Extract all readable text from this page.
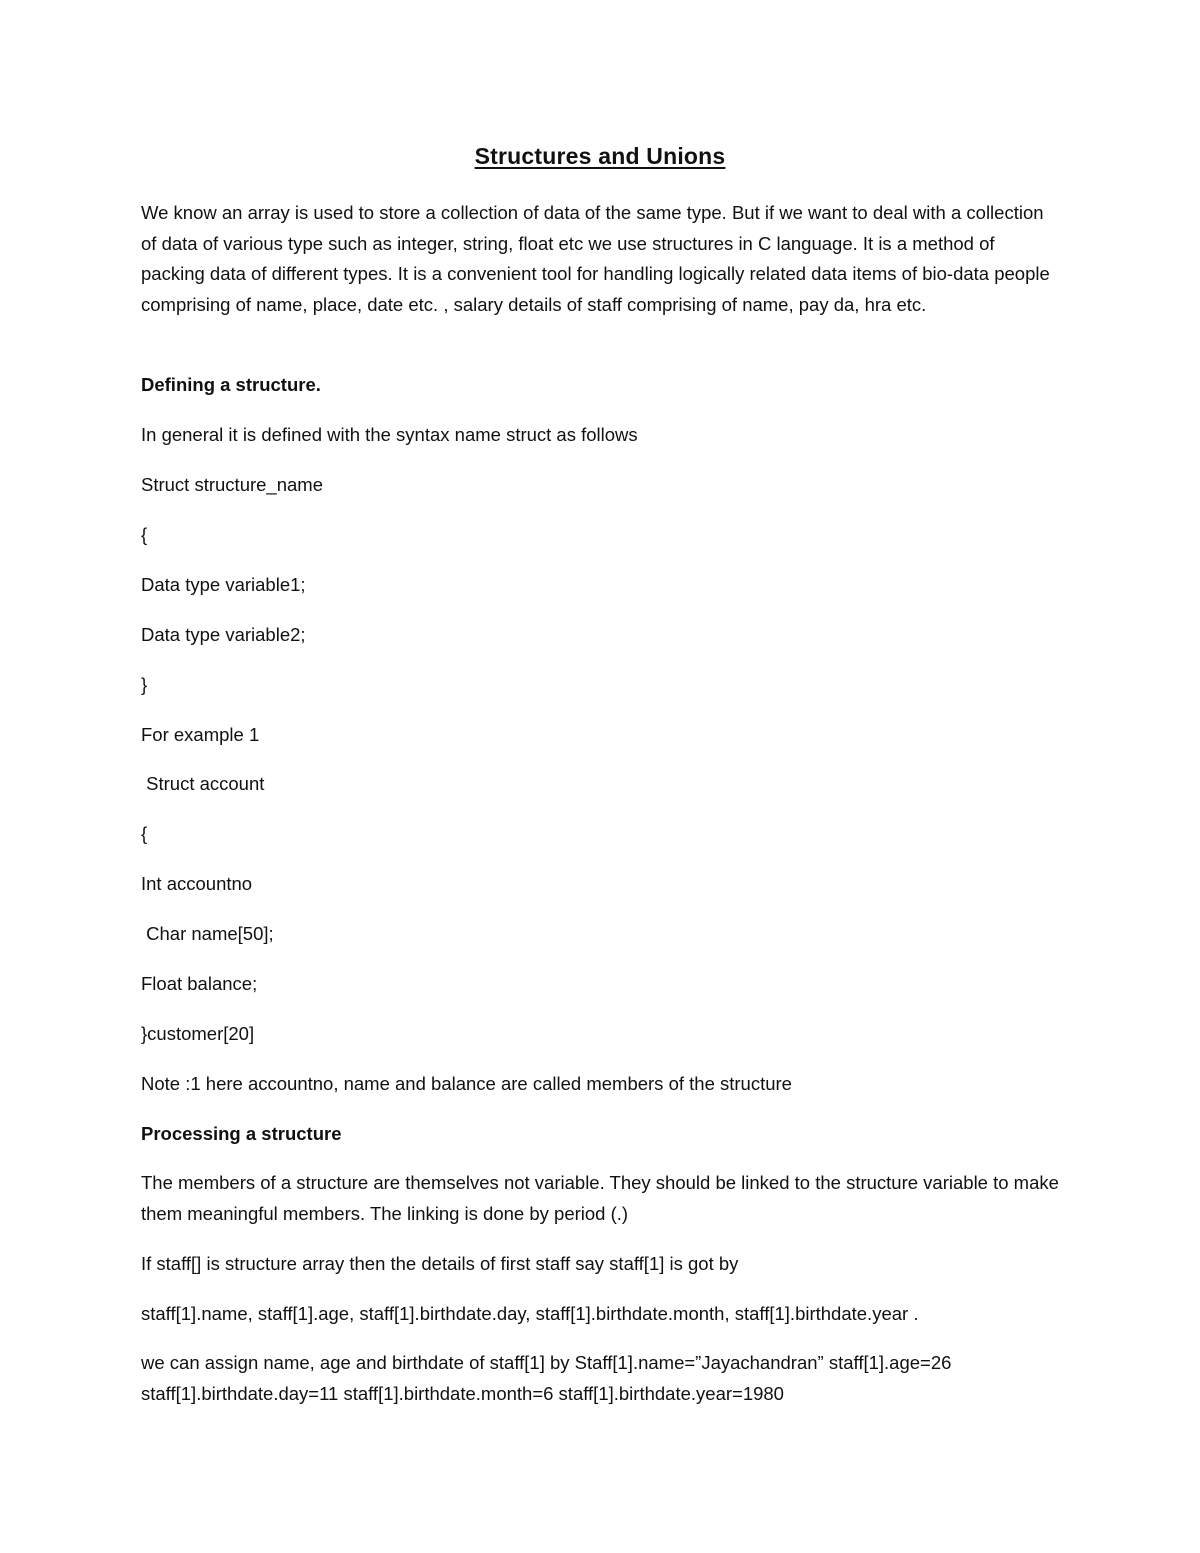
Structures and Unions
We know an array is used to store a collection of data of the same type. But if we want to deal with a collection of data of various type such as integer, string, float etc we use structures in C language. It is a method of packing data of different types. It is a convenient tool for handling logically related data items of bio-data people comprising of name, place, date etc. , salary details of staff comprising of name, pay da, hra etc.
Defining a structure.
In general it is defined with the syntax name struct as follows
Struct structure_name
{
Data type variable1;
Data type variable2;
}
For example 1
Struct account
{
Int accountno
Char name[50];
Float balance;
}customer[20]
Note :1 here accountno, name and balance are called members of the structure
Processing a structure
The members of a structure are themselves not variable. They should be linked to the structure variable to make them meaningful members. The linking is done by period (.)
If staff[] is structure array then the details of first staff say staff[1] is got by
staff[1].name, staff[1].age, staff[1].birthdate.day, staff[1].birthdate.month, staff[1].birthdate.year .
we can assign name, age and birthdate of staff[1] by Staff[1].name=”Jayachandran” staff[1].age=26 staff[1].birthdate.day=11 staff[1].birthdate.month=6 staff[1].birthdate.year=1980
